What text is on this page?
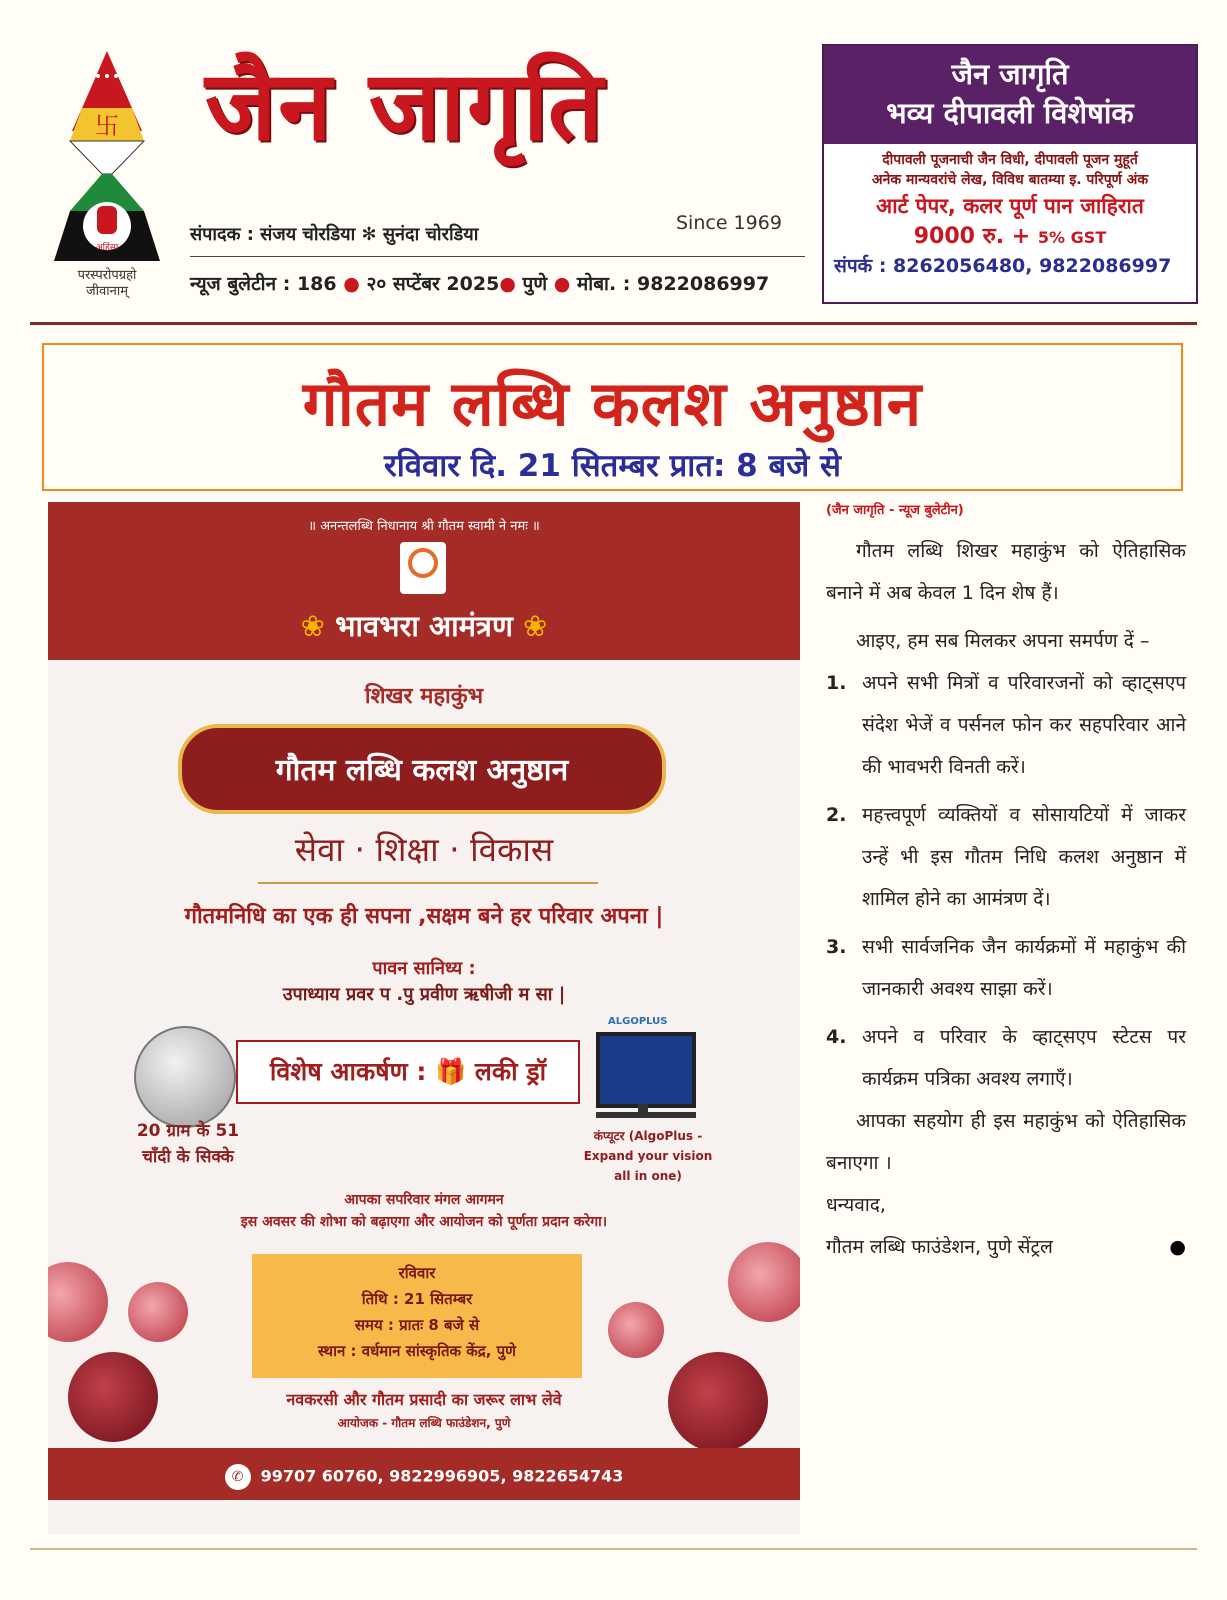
卐
अहिंसा
परस्परोपग्रहो
जीवानाम्
जैन जागृति
Since 1969
संपादक : संजय चोरडिया ✻ सुनंदा चोरडिया
न्यूज बुलेटीन : 186 ● २० सप्टेंबर 2025● पुणे ● मोबा. : 9822086997
जैन जागृति
भव्य दीपावली विशेषांक
दीपावली पूजनाची जैन विधी, दीपावली पूजन मुहूर्त
अनेक मान्यवरांचे लेख, विविध बातम्या इ. परिपूर्ण अंक
आर्ट पेपर, कलर पूर्ण पान जाहिरात
9000 रु. + 5% GST
संपर्क : 8262056480, 9822086997
गौतम लब्धि कलश अनुष्ठान
रविवार दि. 21 सितम्बर प्रात: 8 बजे से
॥ अनन्तलब्धि निधानाय श्री गौतम स्वामी ने नमः ॥
❀ भावभरा आमंत्रण ❀
शिखर महाकुंभ
गौतम लब्धि कलश अनुष्ठान
सेवा · शिक्षा · विकास
गौतमनिधि का एक ही सपना ,सक्षम बने हर परिवार अपना |
पावन सानिध्य :
उपाध्याय प्रवर प .पु प्रवीण ऋषीजी म सा |
20 ग्राम के 51
चाँदी के सिक्के
विशेष आकर्षण : 🎁 लकी ड्रॉ
ALGOPLUS
कंप्यूटर (AlgoPlus -
Expand your vision
all in one)
आपका सपरिवार मंगल आगमन
इस अवसर की शोभा को बढ़ाएगा और आयोजन को पूर्णता प्रदान करेगा।
रविवार
तिथि : 21 सितम्बर
समय : प्रातः 8 बजे से
स्थान : वर्धमान सांस्कृतिक केंद्र, पुणे
नवकरसी और गौतम प्रसादी का जरूर लाभ लेवे
आयोजक - गौतम लब्धि फाउंडेशन, पुणे
✆ 99707 60760, 9822996905, 9822654743
(जैन जागृति - न्यूज बुलेटीन)
गौतम लब्धि शिखर महाकुंभ को ऐतिहासिक बनाने में अब केवल 1 दिन शेष हैं।
आइए, हम सब मिलकर अपना समर्पण दें –
1. अपने सभी मित्रों व परिवारजनों को व्हाट्सएप संदेश भेजें व पर्सनल फोन कर सहपरिवार आने की भावभरी विनती करें।
2. महत्त्वपूर्ण व्यक्तियों व सोसायटियों में जाकर उन्हें भी इस गौतम निधि कलश अनुष्ठान में शामिल होने का आमंत्रण दें।
3. सभी सार्वजनिक जैन कार्यक्रमों में महाकुंभ की जानकारी अवश्य साझा करें।
4. अपने व परिवार के व्हाट्सएप स्टेटस पर कार्यक्रम पत्रिका अवश्य लगाएँ।
आपका सहयोग ही इस महाकुंभ को ऐतिहासिक बनाएगा ।
धन्यवाद,
गौतम लब्धि फाउंडेशन, पुणे सेंट्रल	●
